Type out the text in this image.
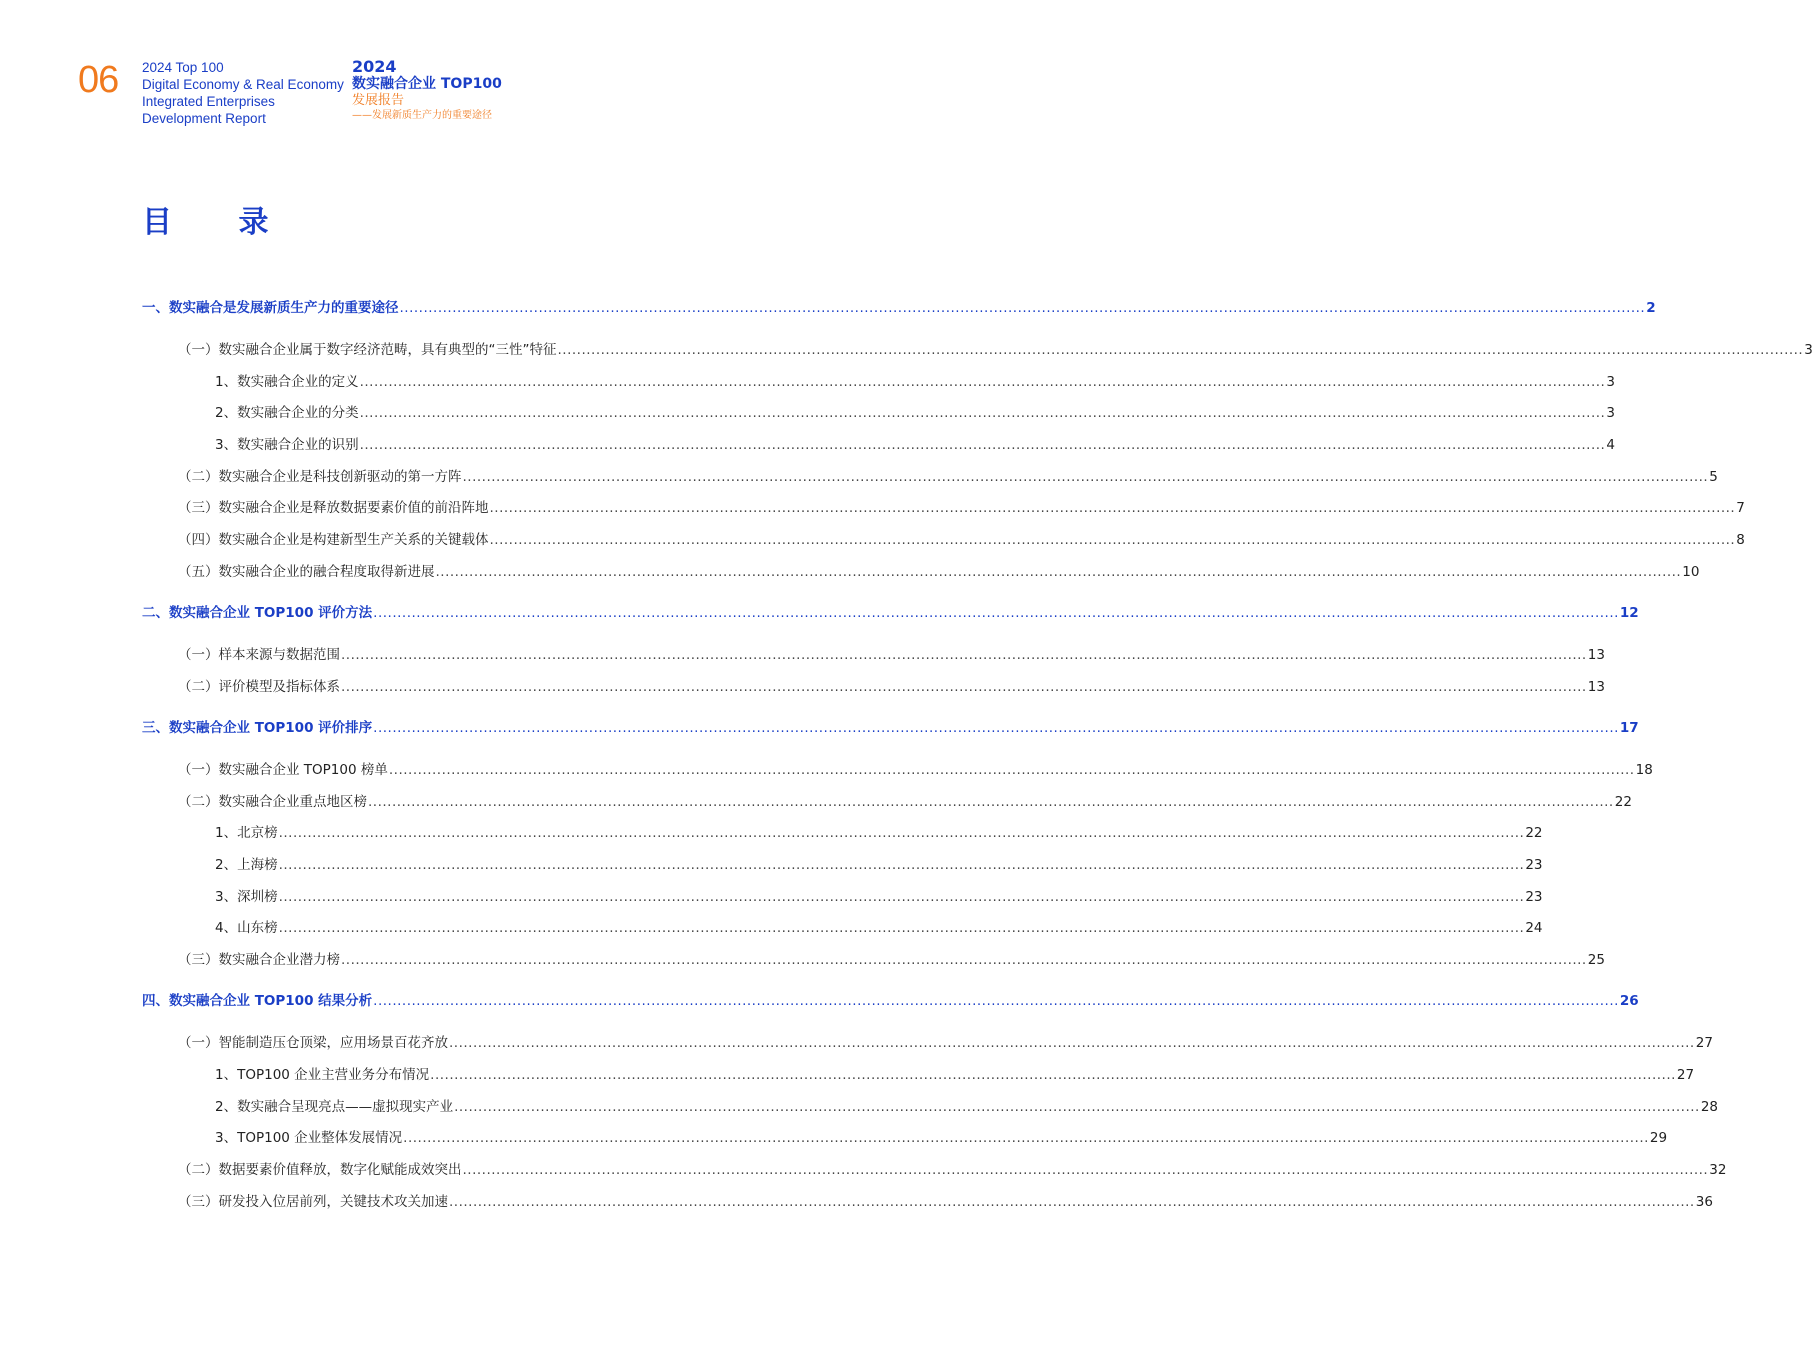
06 2024 Top 100
Digital Economy & Real Economy
Integrated Enterprises
Development Report
2024
数实融合企业 TOP100
发展报告
——发展新质生产力的重要途径
目 录
一、数实融合是发展新质生产力的重要途径 .................................................................................................................................................................................................................................................................... 2
（一）数实融合企业属于数字经济范畴，具有典型的“三性”特征 .................................................................................................................................................................................................................................................................... 3
1、数实融合企业的定义 .................................................................................................................................................................................................................................................................... 3
2、数实融合企业的分类 .................................................................................................................................................................................................................................................................... 3
3、数实融合企业的识别 .................................................................................................................................................................................................................................................................... 4
（二）数实融合企业是科技创新驱动的第一方阵 .................................................................................................................................................................................................................................................................... 5
（三）数实融合企业是释放数据要素价值的前沿阵地 .................................................................................................................................................................................................................................................................... 7
（四）数实融合企业是构建新型生产关系的关键载体 .................................................................................................................................................................................................................................................................... 8
（五）数实融合企业的融合程度取得新进展 .................................................................................................................................................................................................................................................................... 10
二、数实融合企业 TOP100 评价方法 .................................................................................................................................................................................................................................................................... 12
（一）样本来源与数据范围 .................................................................................................................................................................................................................................................................... 13
（二）评价模型及指标体系 .................................................................................................................................................................................................................................................................... 13
三、数实融合企业 TOP100 评价排序 .................................................................................................................................................................................................................................................................... 17
（一）数实融合企业 TOP100 榜单 .................................................................................................................................................................................................................................................................... 18
（二）数实融合企业重点地区榜 .................................................................................................................................................................................................................................................................... 22
1、北京榜 .................................................................................................................................................................................................................................................................... 22
2、上海榜 .................................................................................................................................................................................................................................................................... 23
3、深圳榜 .................................................................................................................................................................................................................................................................... 23
4、山东榜 .................................................................................................................................................................................................................................................................... 24
（三）数实融合企业潜力榜 .................................................................................................................................................................................................................................................................... 25
四、数实融合企业 TOP100 结果分析 .................................................................................................................................................................................................................................................................... 26
（一）智能制造压仓顶梁，应用场景百花齐放 .................................................................................................................................................................................................................................................................... 27
1、TOP100 企业主营业务分布情况 .................................................................................................................................................................................................................................................................... 27
2、数实融合呈现亮点——虚拟现实产业 .................................................................................................................................................................................................................................................................... 28
3、TOP100 企业整体发展情况 .................................................................................................................................................................................................................................................................... 29
（二）数据要素价值释放，数字化赋能成效突出 .................................................................................................................................................................................................................................................................... 32
（三）研发投入位居前列，关键技术攻关加速 .................................................................................................................................................................................................................................................................... 36
